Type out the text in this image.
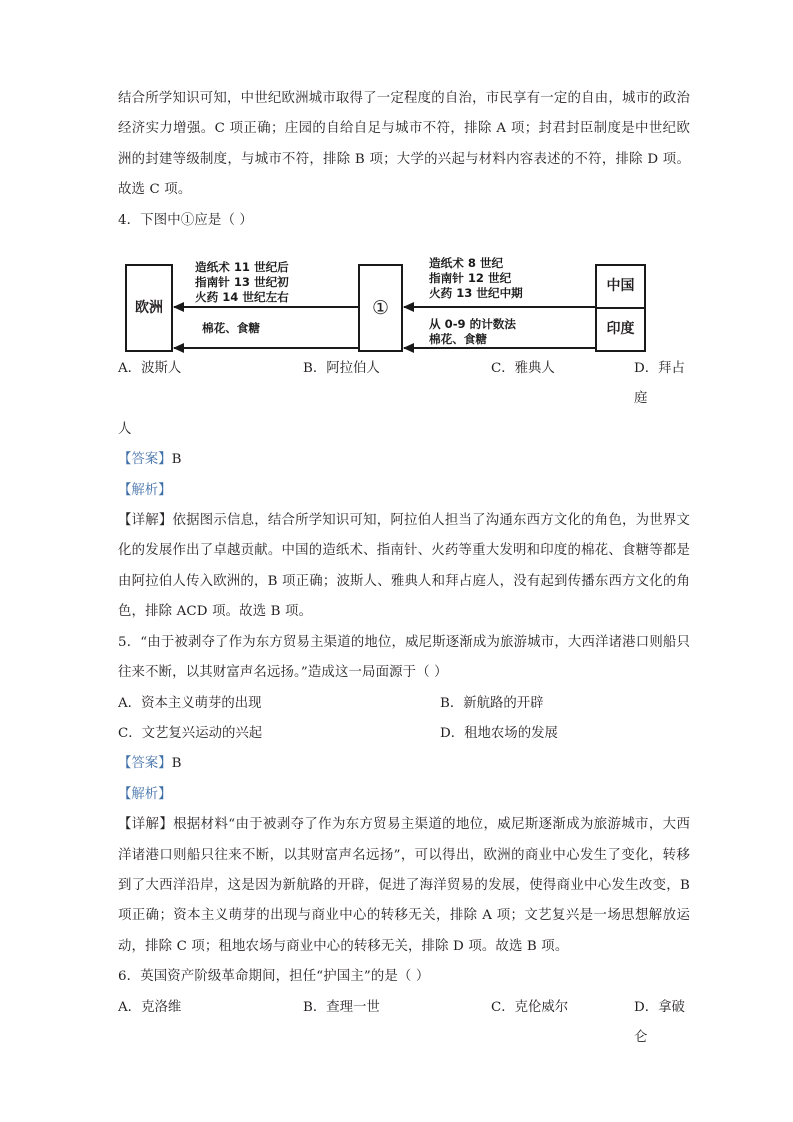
结合所学知识可知，中世纪欧洲城市取得了一定程度的自治，市民享有一定的自由，城市的政治经济实力增强。C 项正确；庄园的自给自足与城市不符，排除 A 项；封君封臣制度是中世纪欧洲的封建等级制度，与城市不符，排除 B 项；大学的兴起与材料内容表述的不符，排除 D 项。故选 C 项。

4．下图中①应是（ ）

欧洲	①
中国
印度
造纸术 11 世纪后
指南针 13 世纪初
火药 14 世纪左右
棉花、食糖
造纸术 8 世纪
指南针 12 世纪
火药 13 世纪中期
从 0-9 的计数法
棉花、食糖
A．波斯人	B．阿拉伯人	C．雅典人	D．拜占庭

人

【答案】B

【解析】

【详解】依据图示信息，结合所学知识可知，阿拉伯人担当了沟通东西方文化的角色，为世界文化的发展作出了卓越贡献。中国的造纸术、指南针、火药等重大发明和印度的棉花、食糖等都是由阿拉伯人传入欧洲的，B 项正确；波斯人、雅典人和拜占庭人，没有起到传播东西方文化的角色，排除 ACD 项。故选 B 项。

5．“由于被剥夺了作为东方贸易主渠道的地位，威尼斯逐渐成为旅游城市，大西洋诸港口则船只往来不断，以其财富声名远扬。”造成这一局面源于（ ）

A．资本主义萌芽的出现	B．新航路的开辟
C．文艺复兴运动的兴起	D．租地农场的发展

【答案】B

【解析】

【详解】根据材料“由于被剥夺了作为东方贸易主渠道的地位，威尼斯逐渐成为旅游城市，大西洋诸港口则船只往来不断，以其财富声名远扬”，可以得出，欧洲的商业中心发生了变化，转移到了大西洋沿岸，这是因为新航路的开辟，促进了海洋贸易的发展，使得商业中心发生改变，B 项正确；资本主义萌芽的出现与商业中心的转移无关，排除 A 项；文艺复兴是一场思想解放运动，排除 C 项；租地农场与商业中心的转移无关，排除 D 项。故选 B 项。

6．英国资产阶级革命期间，担任“护国主”的是（ ）

A．克洛维	B．查理一世	C．克伦威尔	D．拿破仑
